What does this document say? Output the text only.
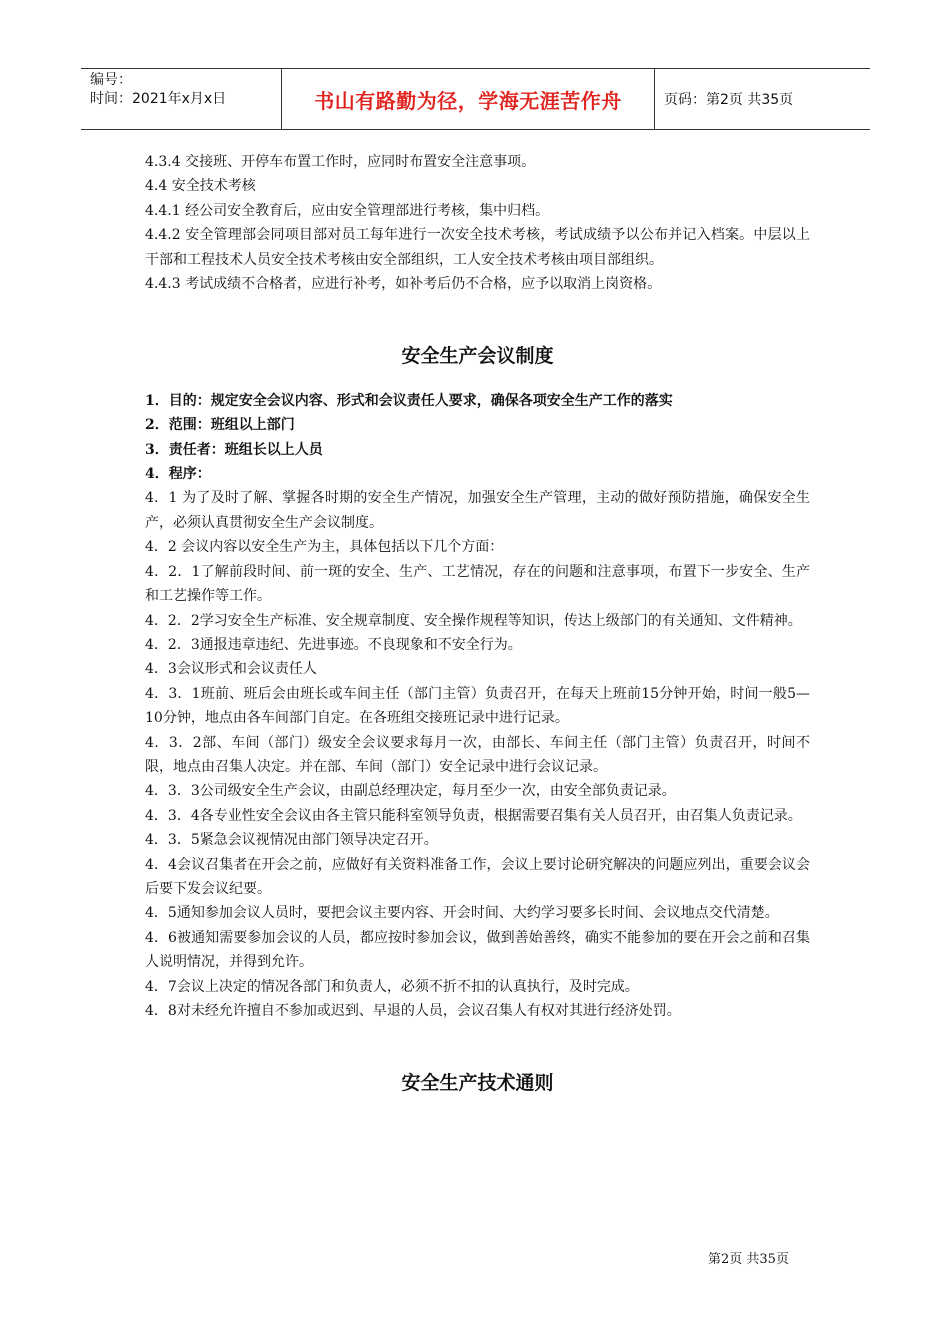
编号：
时间：2021年x月x日	书山有路勤为径，学海无涯苦作舟	页码：第2页 共35页

4.3.4 交接班、开停车布置工作时，应同时布置安全注意事项。

4.4 安全技术考核

4.4.1 经公司安全教育后，应由安全管理部进行考核，集中归档。

4.4.2 安全管理部会同项目部对员工每年进行一次安全技术考核，考试成绩予以公布并记入档案。中层以上干部和工程技术人员安全技术考核由安全部组织，工人安全技术考核由项目部组织。

4.4.3 考试成绩不合格者，应进行补考，如补考后仍不合格，应予以取消上岗资格。

安全生产会议制度

1．目的：规定安全会议内容、形式和会议责任人要求，确保各项安全生产工作的落实

2．范围：班组以上部门

3．责任者：班组长以上人员

4．程序：

4．1 为了及时了解、掌握各时期的安全生产情况，加强安全生产管理，主动的做好预防措施，确保安全生产，必须认真贯彻安全生产会议制度。

4．2 会议内容以安全生产为主，具体包括以下几个方面：

4．2．1了解前段时间、前一斑的安全、生产、工艺情况，存在的问题和注意事项，布置下一步安全、生产和工艺操作等工作。

4．2．2学习安全生产标准、安全规章制度、安全操作规程等知识，传达上级部门的有关通知、文件精神。

4．2．3通报违章违纪、先进事迹。不良现象和不安全行为。

4．3会议形式和会议责任人

4．3．1班前、班后会由班长或车间主任（部门主管）负责召开，在每天上班前15分钟开始，时间一般5—10分钟，地点由各车间部门自定。在各班组交接班记录中进行记录。

4．3．2部、车间（部门）级安全会议要求每月一次，由部长、车间主任（部门主管）负责召开，时间不限，地点由召集人决定。并在部、车间（部门）安全记录中进行会议记录。

4．3．3公司级安全生产会议，由副总经理决定，每月至少一次，由安全部负责记录。

4．3．4各专业性安全会议由各主管只能科室领导负责，根据需要召集有关人员召开，由召集人负责记录。

4．3．5紧急会议视情况由部门领导决定召开。

4．4会议召集者在开会之前，应做好有关资料准备工作，会议上要讨论研究解决的问题应列出，重要会议会后要下发会议纪要。

4．5通知参加会议人员时，要把会议主要内容、开会时间、大约学习要多长时间、会议地点交代清楚。

4．6被通知需要参加会议的人员，都应按时参加会议，做到善始善终，确实不能参加的要在开会之前和召集人说明情况，并得到允许。

4．7会议上决定的情况各部门和负责人，必须不折不扣的认真执行，及时完成。

4．8对未经允许擅自不参加或迟到、早退的人员，会议召集人有权对其进行经济处罚。

安全生产技术通则
第2页 共35页
